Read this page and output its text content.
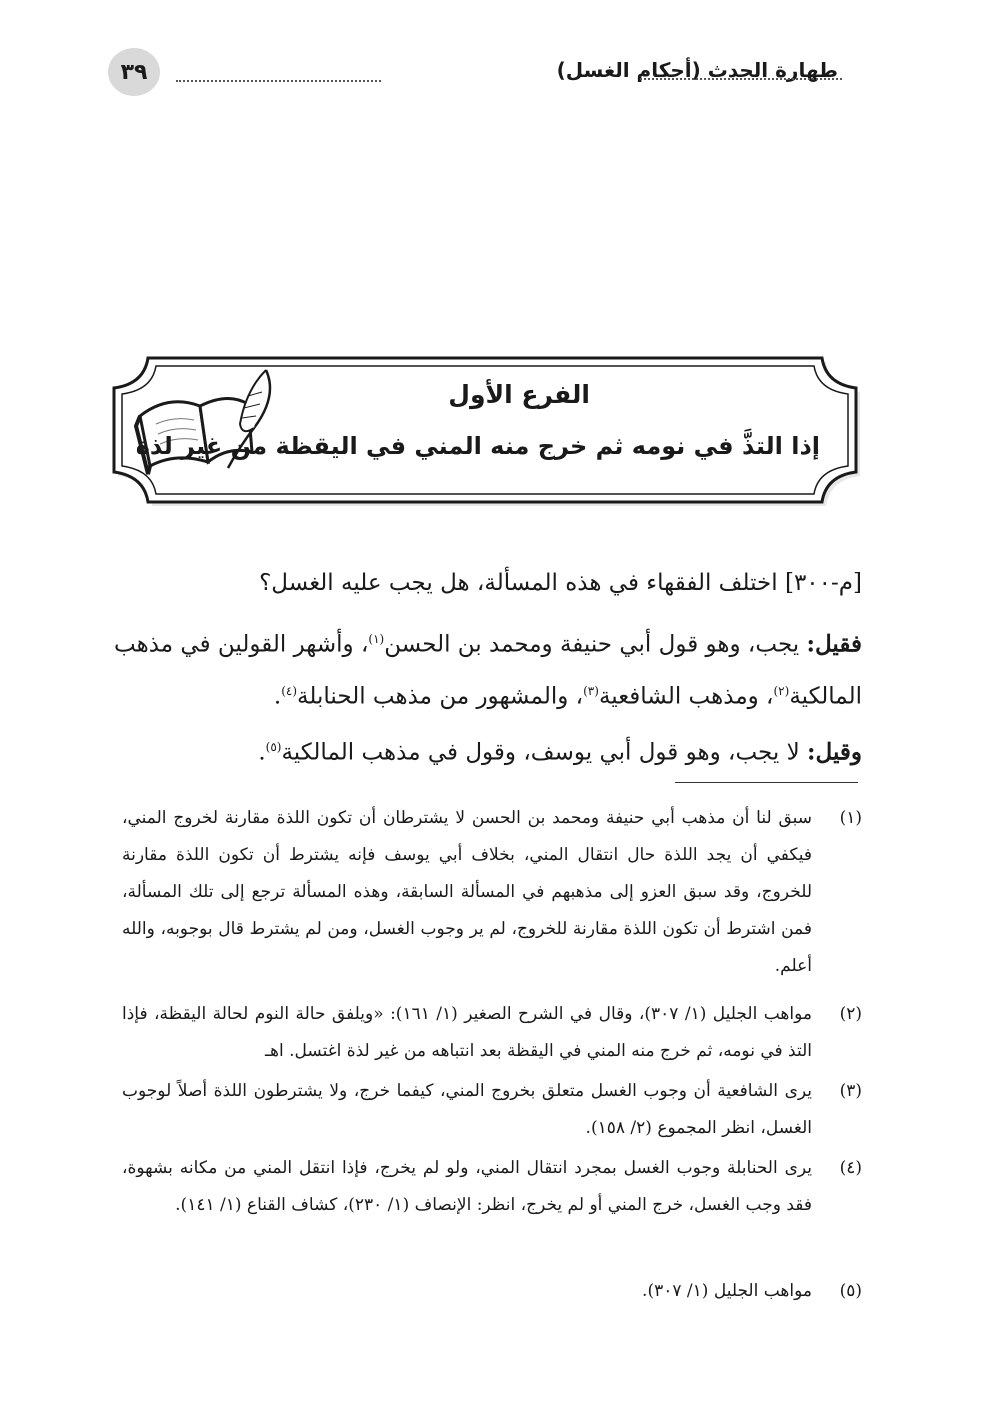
٣٩	طهارة الحدث (أحكام الغسل)
الفرع الأول
إذا التذَّ في نومه ثم خرج منه المني في اليقظة من غير لذة

[م-٣٠٠] اختلف الفقهاء في هذه المسألة، هل يجب عليه الغسل؟

فقيل: يجب، وهو قول أبي حنيفة ومحمد بن الحسن$^{(١)}$، وأشهر القولين في مذهب

المالكية$^{(٢)}$، ومذهب الشافعية$^{(٣)}$، والمشهور من مذهب الحنابلة$^{(٤)}$.

وقيل: لا يجب، وهو قول أبي يوسف، وقول في مذهب المالكية$^{(٥)}$.

(١)
سبق لنا أن مذهب أبي حنيفة ومحمد بن الحسن لا يشترطان أن تكون اللذة مقارنة لخروج المني، فيكفي أن يجد اللذة حال انتقال المني، بخلاف أبي يوسف فإنه يشترط أن تكون اللذة مقارنة للخروج، وقد سبق العزو إلى مذهبهم في المسألة السابقة، وهذه المسألة ترجع إلى تلك المسألة، فمن اشترط أن تكون اللذة مقارنة للخروج، لم ير وجوب الغسل، ومن لم يشترط قال بوجوبه، والله أعلم.
(٢)
مواهب الجليل (١/ ٣٠٧)، وقال في الشرح الصغير (١/ ١٦١): «ويلفق حالة النوم لحالة اليقظة، فإذا التذ في نومه، ثم خرج منه المني في اليقظة بعد انتباهه من غير لذة اغتسل. اهـ
(٣)
يرى الشافعية أن وجوب الغسل متعلق بخروج المني، كيفما خرج، ولا يشترطون اللذة أصلاً لوجوب الغسل، انظر المجموع (٢/ ١٥٨).
(٤)
يرى الحنابلة وجوب الغسل بمجرد انتقال المني، ولو لم يخرج، فإذا انتقل المني من مكانه بشهوة، فقد وجب الغسل، خرج المني أو لم يخرج، انظر: الإنصاف (١/ ٢٣٠)، كشاف القناع (١/ ١٤١).
(٥)
مواهب الجليل (١/ ٣٠٧).
